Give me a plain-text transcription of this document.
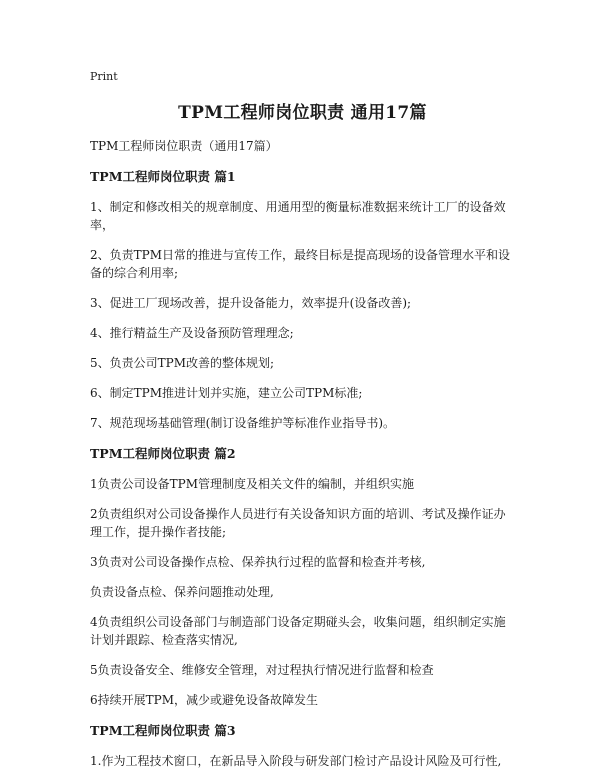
Print
TPM工程师岗位职责 通用17篇
TPM工程师岗位职责（通用17篇）
TPM工程师岗位职责 篇1

1、制定和修改相关的规章制度、用通用型的衡量标准数据来统计工厂的设备效率，

2、负责TPM日常的推进与宣传工作，最终目标是提高现场的设备管理水平和设备的综合利用率;

3、促进工厂现场改善，提升设备能力，效率提升(设备改善);

4、推行精益生产及设备预防管理理念;

5、负责公司TPM改善的整体规划;

6、制定TPM推进计划并实施，建立公司TPM标准;

7、规范现场基础管理(制订设备维护等标准作业指导书)。

TPM工程师岗位职责 篇2

1负责公司设备TPM管理制度及相关文件的编制，并组织实施

2负责组织对公司设备操作人员进行有关设备知识方面的培训、考试及操作证办理工作，提升操作者技能;

3负责对公司设备操作点检、保养执行过程的监督和检查并考核,

负责设备点检、保养问题推动处理,

4负责组织公司设备部门与制造部门设备定期碰头会，收集问题，组织制定实施计划并跟踪、检查落实情况,

5负责设备安全、维修安全管理，对过程执行情况进行监督和检查

6持续开展TPM，减少或避免设备故障发生

TPM工程师岗位职责 篇3

1.作为工程技术窗口，在新品导入阶段与研发部门检讨产品设计风险及可行性,
